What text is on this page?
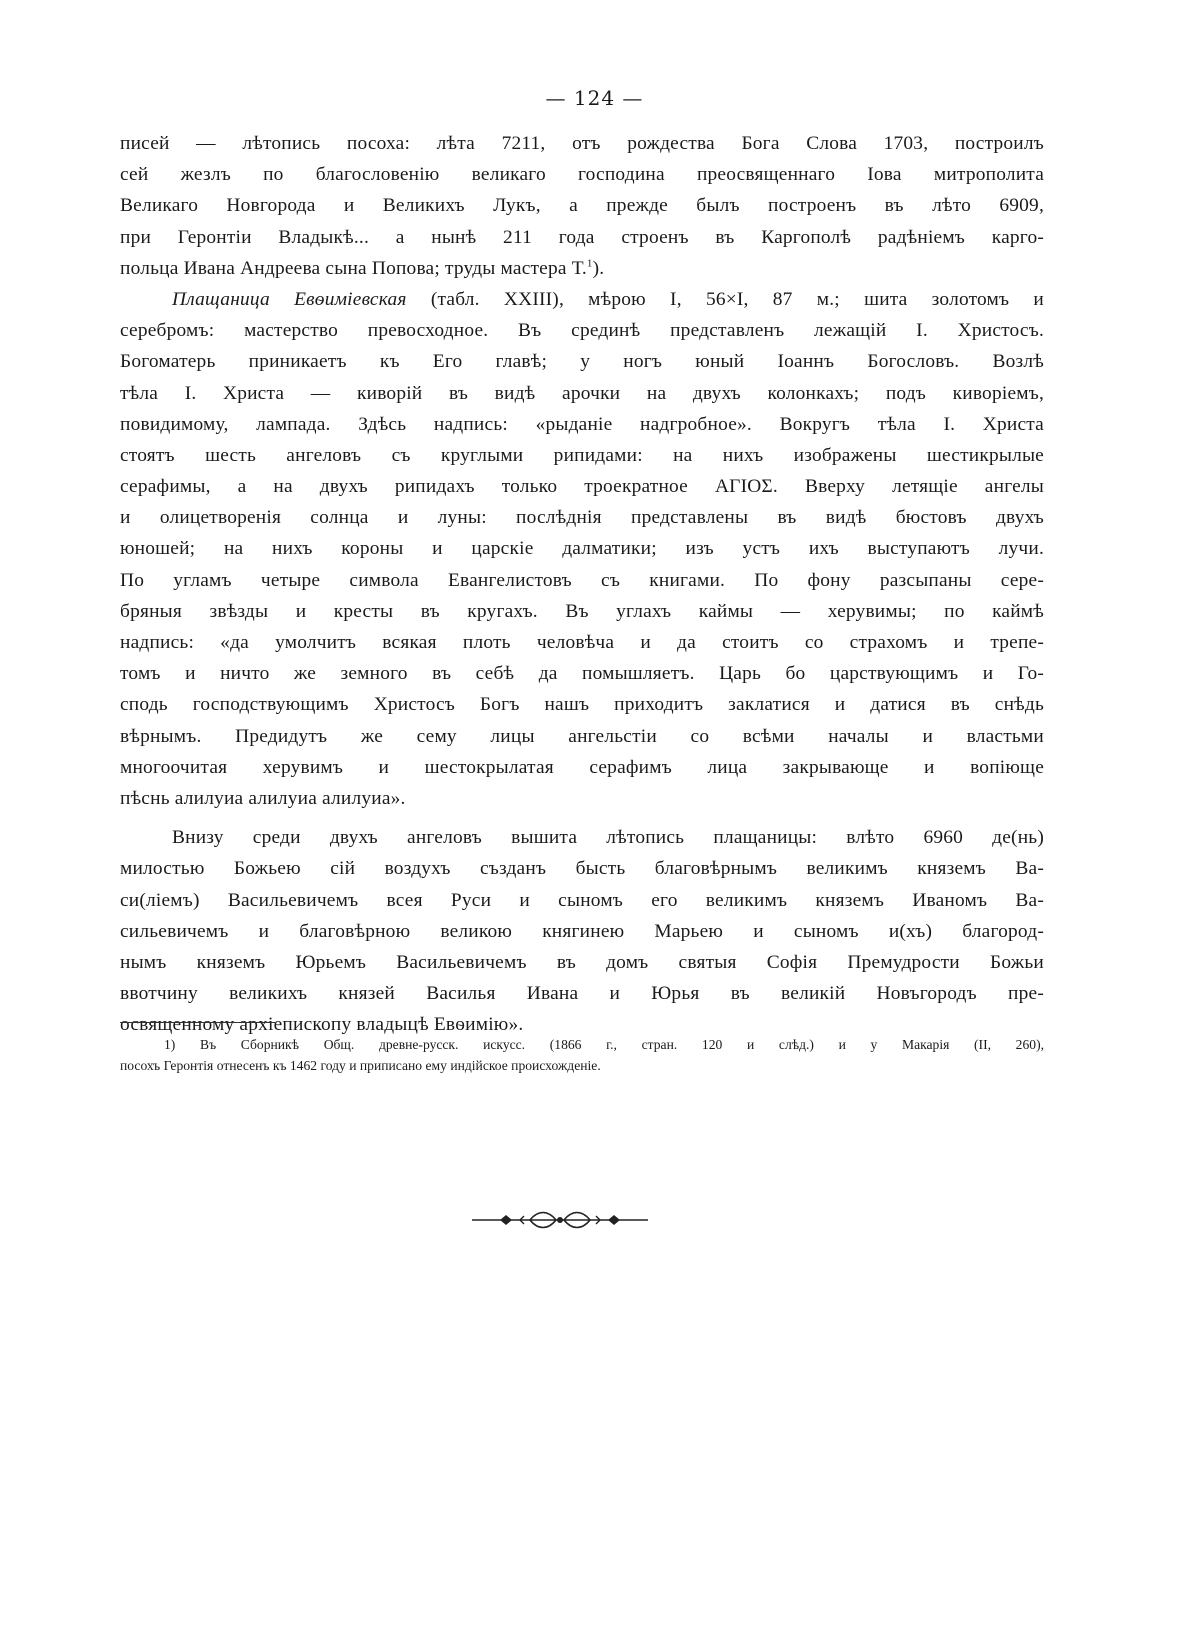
— 124 —
писей — лѣтопись посоха: лѣта 7211, отъ рождества Бога Слова 1703, построилъ
сей жезлъ по благословенію великаго господина преосвященнаго Іова митрополита
Великаго Новгорода и Великихъ Лукъ, а прежде былъ построенъ въ лѣто 6909,
при Геронтіи Владыкѣ... а нынѣ 211 года строенъ въ Каргополѣ радѣніемъ карго-
польца Ивана Андреева сына Попова; труды мастера Т.$^1$).
Плащаница Евѳиміевская (табл. XXIII), мѣрою I, 56×I, 87 м.; шита золотомъ и
серебромъ: мастерство превосходное. Въ срединѣ представленъ лежащій І. Христосъ.
Богоматерь приникаетъ къ Его главѣ; у ногъ юный Іоаннъ Богословъ. Возлѣ
тѣла І. Христа — киворій въ видѣ арочки на двухъ колонкахъ; подъ киворіемъ,
повидимому, лампада. Здѣсь надпись: «рыданіе надгробное». Вокругъ тѣла І. Христа
стоятъ шесть ангеловъ съ круглыми рипидами: на нихъ изображены шестикрылые
серафимы, а на двухъ рипидахъ только троекратное ΑΓΙΟΣ. Вверху летящіе ангелы
и олицетворенія солнца и луны: послѣднія представлены въ видѣ бюстовъ двухъ
юношей; на нихъ короны и царскіе далматики; изъ устъ ихъ выступаютъ лучи.
По угламъ четыре символа Евангелистовъ съ книгами. По фону разсыпаны сере-
бряныя звѣзды и кресты въ кругахъ. Въ углахъ каймы — херувимы; по каймѣ
надпись: «да умолчитъ всякая плоть человѣча и да стоитъ со страхомъ и трепе-
томъ и ничто же земного въ себѣ да помышляетъ. Царь бо царствующимъ и Го-
сподь господствующимъ Христосъ Богъ нашъ приходитъ заклатися и датися въ снѣдь
вѣрнымъ. Предидутъ же сему лицы ангельстіи со всѣми началы и властьми
многоочитая херувимъ и шестокрылатая серафимъ лица закрывающе и вопіюще
пѣснь алилуиа алилуиа алилуиа».
Внизу среди двухъ ангеловъ вышита лѣтопись плащаницы: влѣто 6960 де(нь)
милостью Божьею сій воздухъ създанъ бысть благовѣрнымъ великимъ княземъ Ва-
си(ліемъ) Васильевичемъ всея Руси и сыномъ его великимъ княземъ Иваномъ Ва-
сильевичемъ и благовѣрною великою княгинею Марьею и сыномъ и(хъ) благород-
нымъ княземъ Юрьемъ Васильевичемъ въ домъ святыя Софія Премудрости Божьи
ввотчину великихъ князей Василья Ивана и Юрья въ великій Новъгородъ пре-
освященному архіепископу владыцѣ Евѳимію».
1) Въ Сборникѣ Общ. древне-русск. искусс. (1866 г., стран. 120 и слѣд.) и у Макарія (II, 260),
посохъ Геронтія отнесенъ къ 1462 году и приписано ему индійское происхожденіе.
